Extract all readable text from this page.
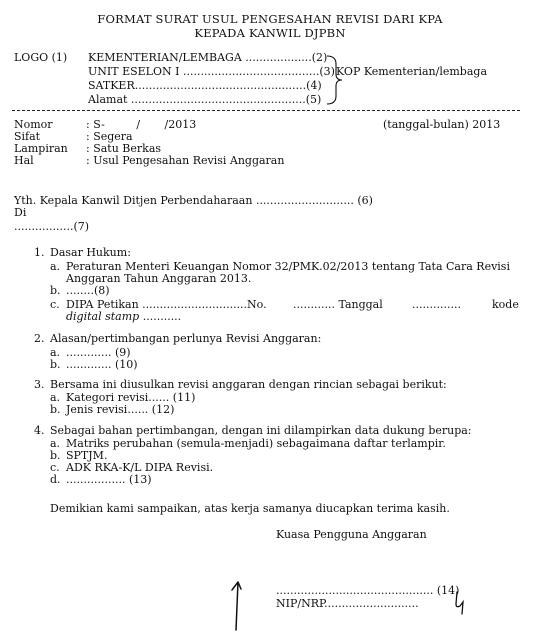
FORMAT SURAT USUL PENGESAHAN REVISI DARI KPA
KEPADA KANWIL DJPBN
LOGO (1) KEMENTERIAN/LEMBAGA ...................(2)
UNIT ESELON I .......................................(3)
SATKER.................................................(4)
Alamat ..................................................(5)
KOP Kementerian/lembaga
Nomor	: S-         /       /2013	(tanggal-bulan) 2013
Sifat	: Segera
Lampiran : Satu Berkas
Hal	: Usul Pengesahan Revisi Anggaran
Yth. Kepala Kanwil Ditjen Perbendaharaan ............................ (6)
Di
.................(7)
1. Dasar Hukum:
a. Peraturan Menteri Keuangan Nomor 32/PMK.02/2013 tentang Tata Cara Revisi
Anggaran Tahun Anggaran 2013.
b. ........(8)
c. DIPA Petikan ..............................No. ............ Tanggal	..............	kode
digital stamp ...........
2. Alasan/pertimbangan perlunya Revisi Anggaran:
a. ............. (9)
b. ............. (10)
3. Bersama ini diusulkan revisi anggaran dengan rincian sebagai berikut:
a. Kategori revisi...... (11)
b. Jenis revisi...... (12)
4. Sebagai bahan pertimbangan, dengan ini dilampirkan data dukung berupa:
a. Matriks perubahan (semula-menjadi) sebagaimana daftar terlampir.
b. SPTJM.
c. ADK RKA-K/L DIPA Revisi.
d. ................. (13)
Demikian kami sampaikan, atas kerja samanya diucapkan terima kasih.
Kuasa Pengguna Anggaran
............................................. (14)
NIP/NRP...........................
